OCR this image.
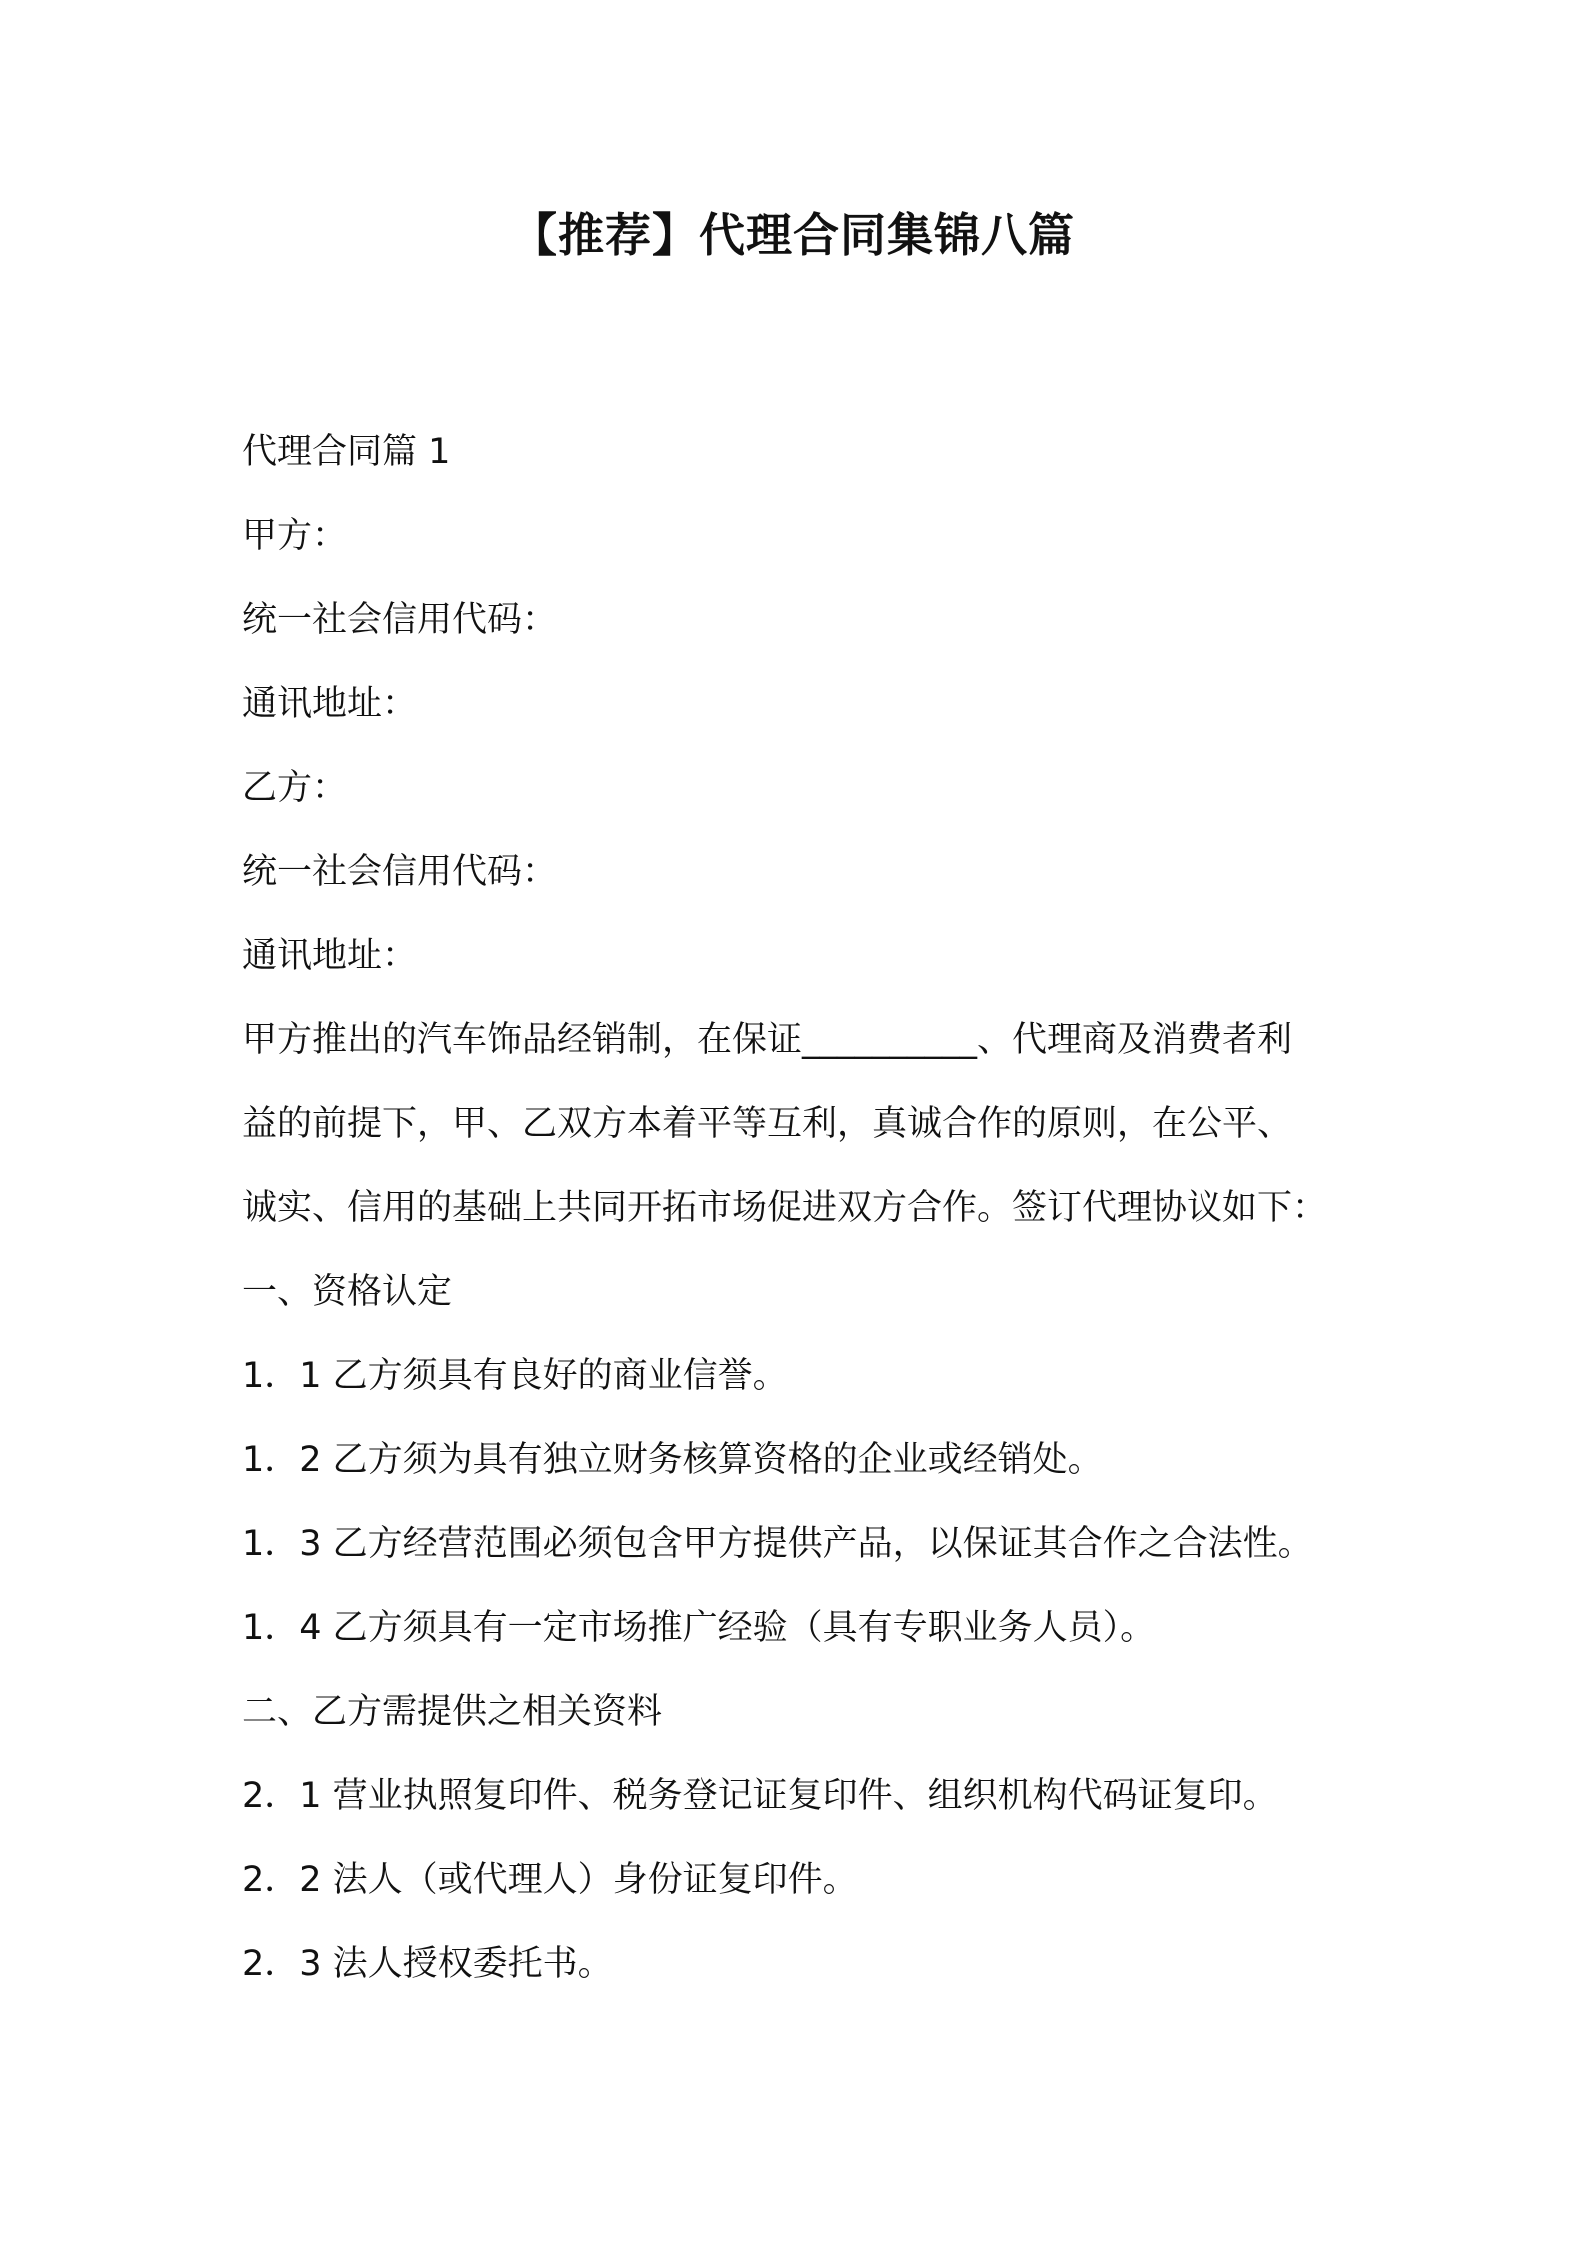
【推荐】代理合同集锦八篇
代理合同篇 1
甲方：
统一社会信用代码：
通讯地址：
乙方：
统一社会信用代码：
通讯地址：
甲方推出的汽车饰品经销制，在保证__________、代理商及消费者利
益的前提下，甲、乙双方本着平等互利，真诚合作的原则，在公平、
诚实、信用的基础上共同开拓市场促进双方合作。签订代理协议如下：
一、资格认定
1．1 乙方须具有良好的商业信誉。
1．2 乙方须为具有独立财务核算资格的企业或经销处。
1．3 乙方经营范围必须包含甲方提供产品，以保证其合作之合法性。
1．4 乙方须具有一定市场推广经验（具有专职业务人员）。
二、乙方需提供之相关资料
2．1 营业执照复印件、税务登记证复印件、组织机构代码证复印。
2．2 法人（或代理人）身份证复印件。
2．3 法人授权委托书。
